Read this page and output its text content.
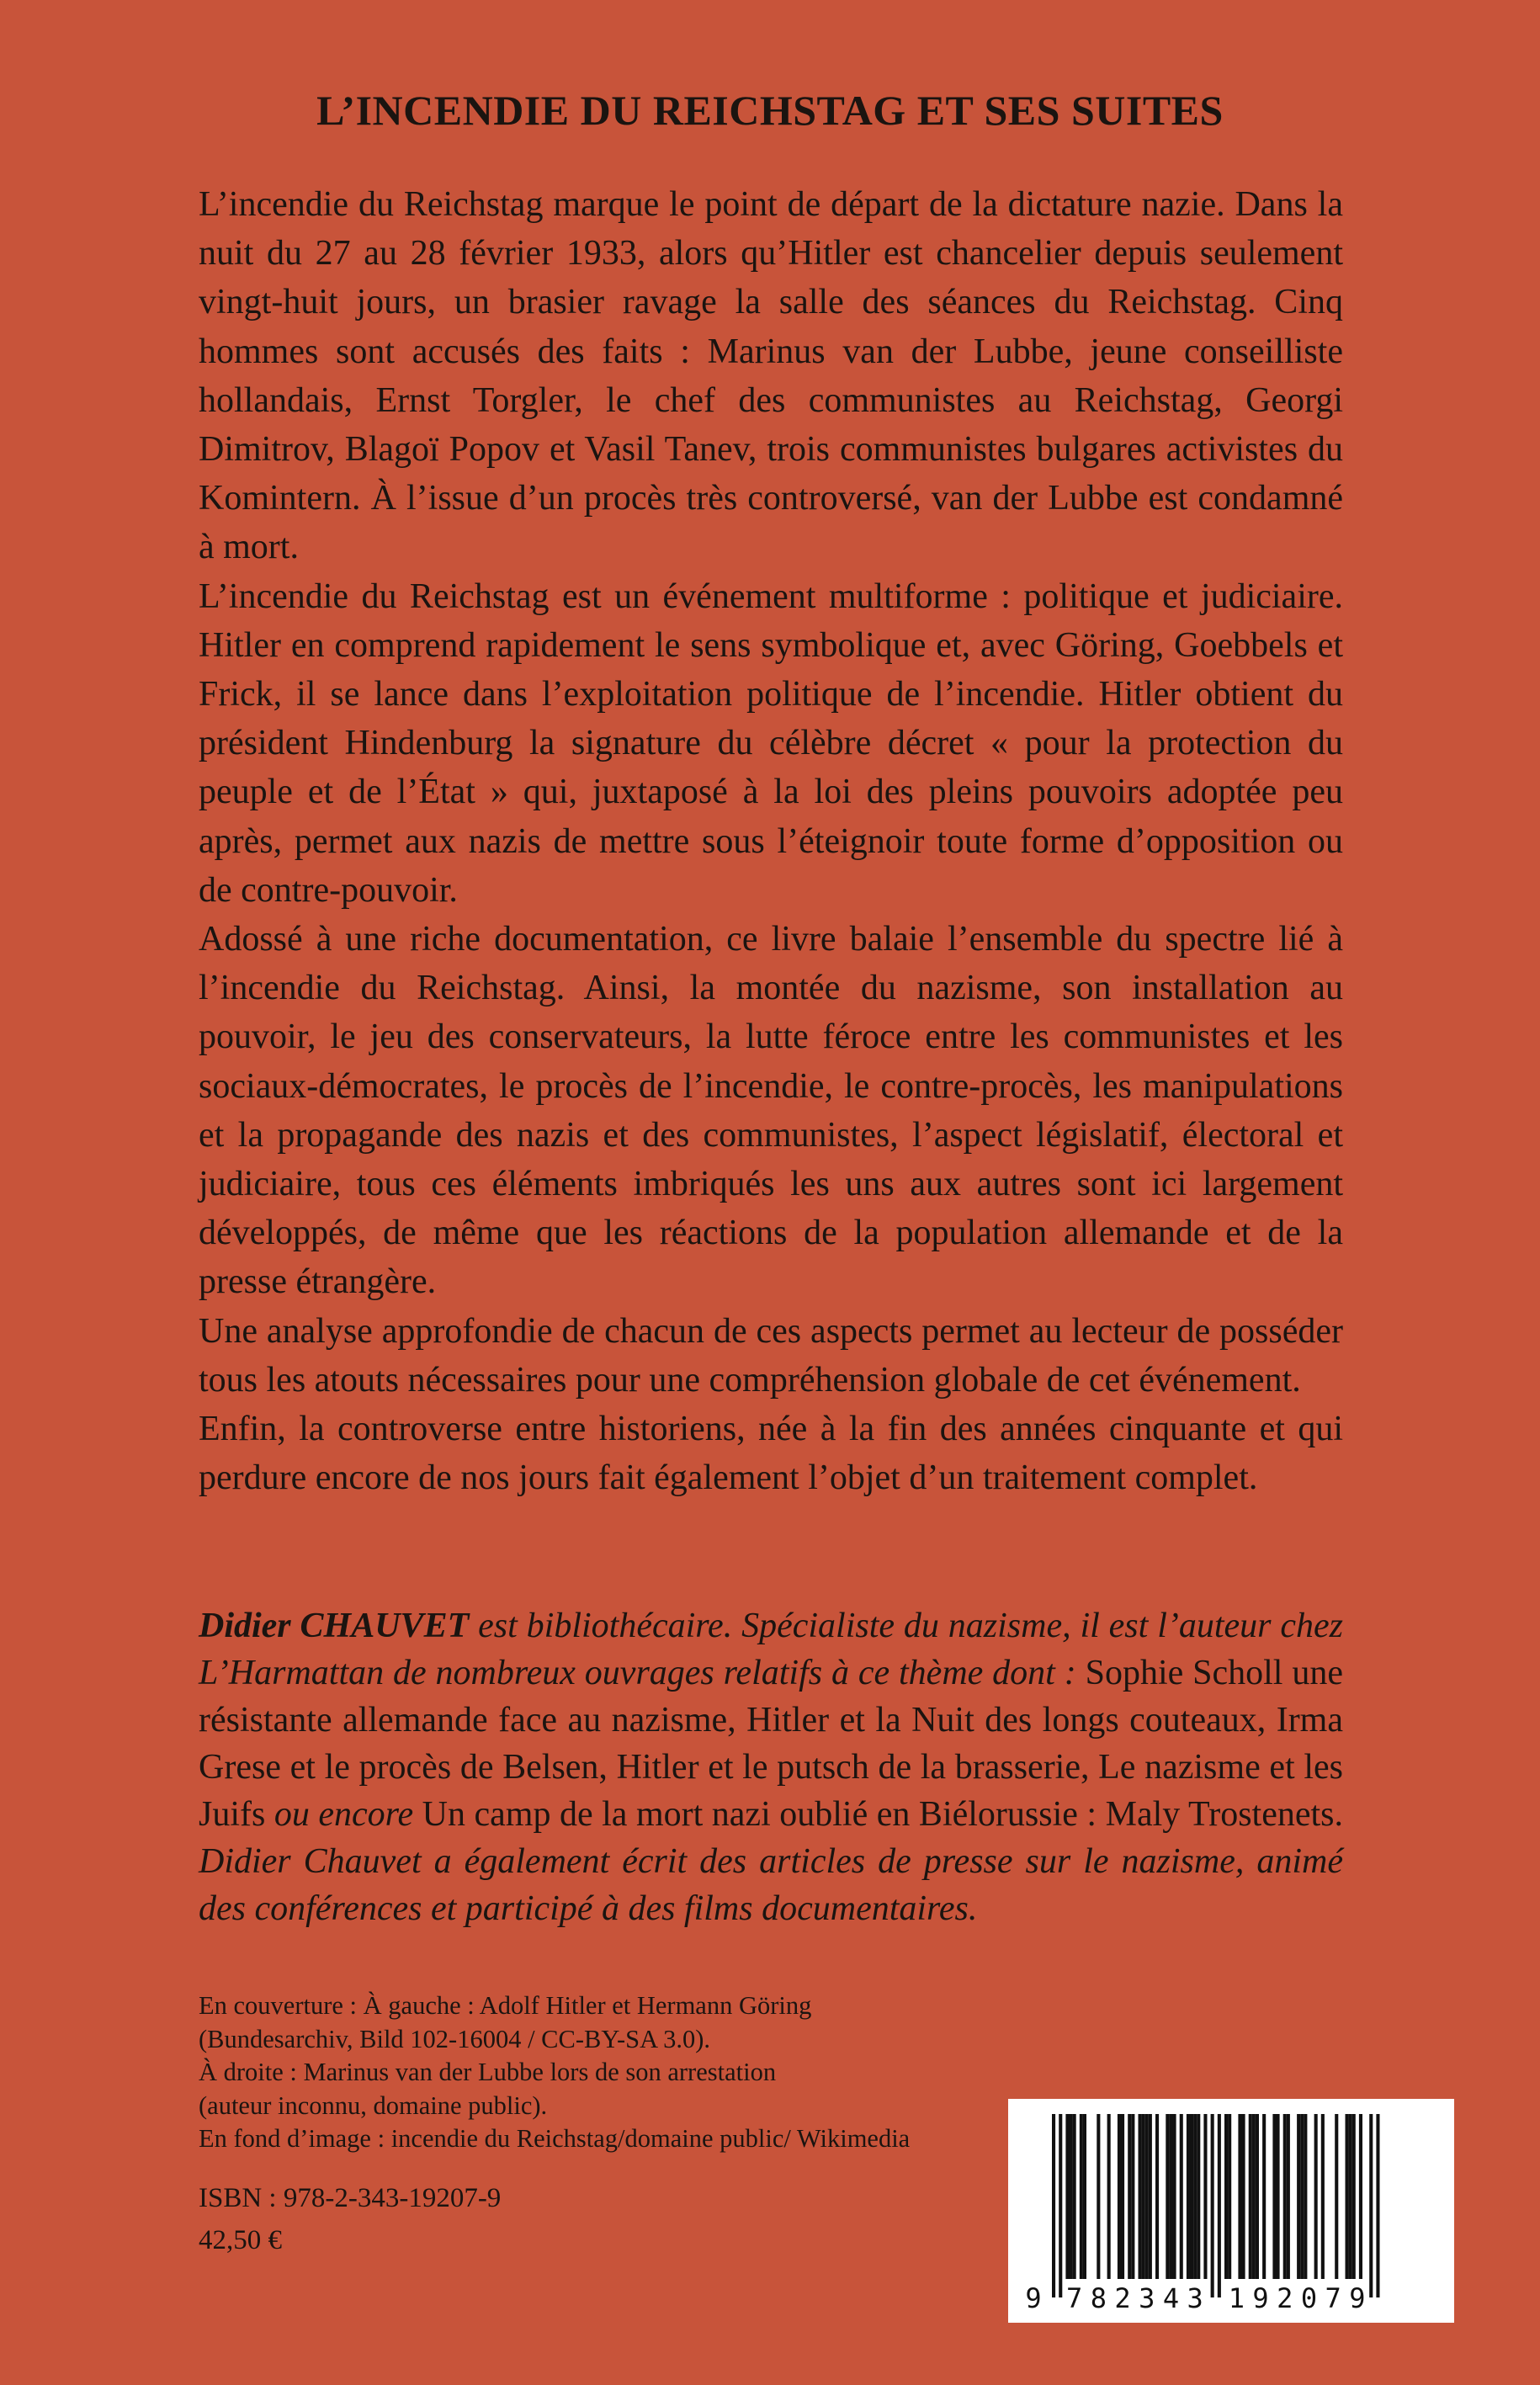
L’INCENDIE DU REICHSTAG ET SES SUITES

L’incendie du Reichstag marque le point de départ de la dictature nazie. Dans la nuit du 27 au 28 février 1933, alors qu’Hitler est chancelier depuis seulement vingt-huit jours, un brasier ravage la salle des séances du Reichstag. Cinq hommes sont accusés des faits : Marinus van der Lubbe, jeune conseilliste hollandais, Ernst Torgler, le chef des communistes au Reichstag, Georgi Dimitrov, Blagoï Popov et Vasil Tanev, trois communistes bulgares activistes du Komintern. À l’issue d’un procès très controversé, van der Lubbe est condamné à mort.

L’incendie du Reichstag est un événement multiforme : politique et judiciaire. Hitler en comprend rapidement le sens symbolique et, avec Göring, Goebbels et Frick, il se lance dans l’exploitation politique de l’incendie. Hitler obtient du président Hindenburg la signature du célèbre décret « pour la protection du peuple et de l’État » qui, juxtaposé à la loi des pleins pouvoirs adoptée peu après, permet aux nazis de mettre sous l’éteignoir toute forme d’opposition ou de contre-pouvoir.

Adossé à une riche documentation, ce livre balaie l’ensemble du spectre lié à l’incendie du Reichstag. Ainsi, la montée du nazisme, son installation au pouvoir, le jeu des conservateurs, la lutte féroce entre les communistes et les sociaux-démocrates, le procès de l’incendie, le contre-procès, les manipulations et la propagande des nazis et des communistes, l’aspect législatif, électoral et judiciaire, tous ces éléments imbriqués les uns aux autres sont ici largement développés, de même que les réactions de la population allemande et de la presse étrangère.

Une analyse approfondie de chacun de ces aspects permet au lecteur de posséder tous les atouts nécessaires pour une compréhension globale de cet événement.

Enfin, la controverse entre historiens, née à la fin des années cinquante et qui perdure encore de nos jours fait également l’objet d’un traitement complet.

Didier CHAUVET est bibliothécaire. Spécialiste du nazisme, il est l’auteur chez L’Harmattan de nombreux ouvrages relatifs à ce thème dont : Sophie Scholl une résistante allemande face au nazisme, Hitler et la Nuit des longs couteaux, Irma Grese et le procès de Belsen, Hitler et le putsch de la brasserie, Le nazisme et les Juifs ou encore Un camp de la mort nazi oublié en Biélorussie : Maly Trostenets. Didier Chauvet a également écrit des articles de presse sur le nazisme, animé des conférences et participé à des films documentaires.

En couverture : À gauche : Adolf Hitler et Hermann Göring
(Bundesarchiv, Bild 102-16004 / CC-BY-SA 3.0).
À droite : Marinus van der Lubbe lors de son arrestation
(auteur inconnu, domaine public).
En fond d’image : incendie du Reichstag/domaine public/ Wikimedia
ISBN : 978-2-343-19207-9
42,50 €
9 7 8 2 3 4 3 1 9 2 0 7 9
